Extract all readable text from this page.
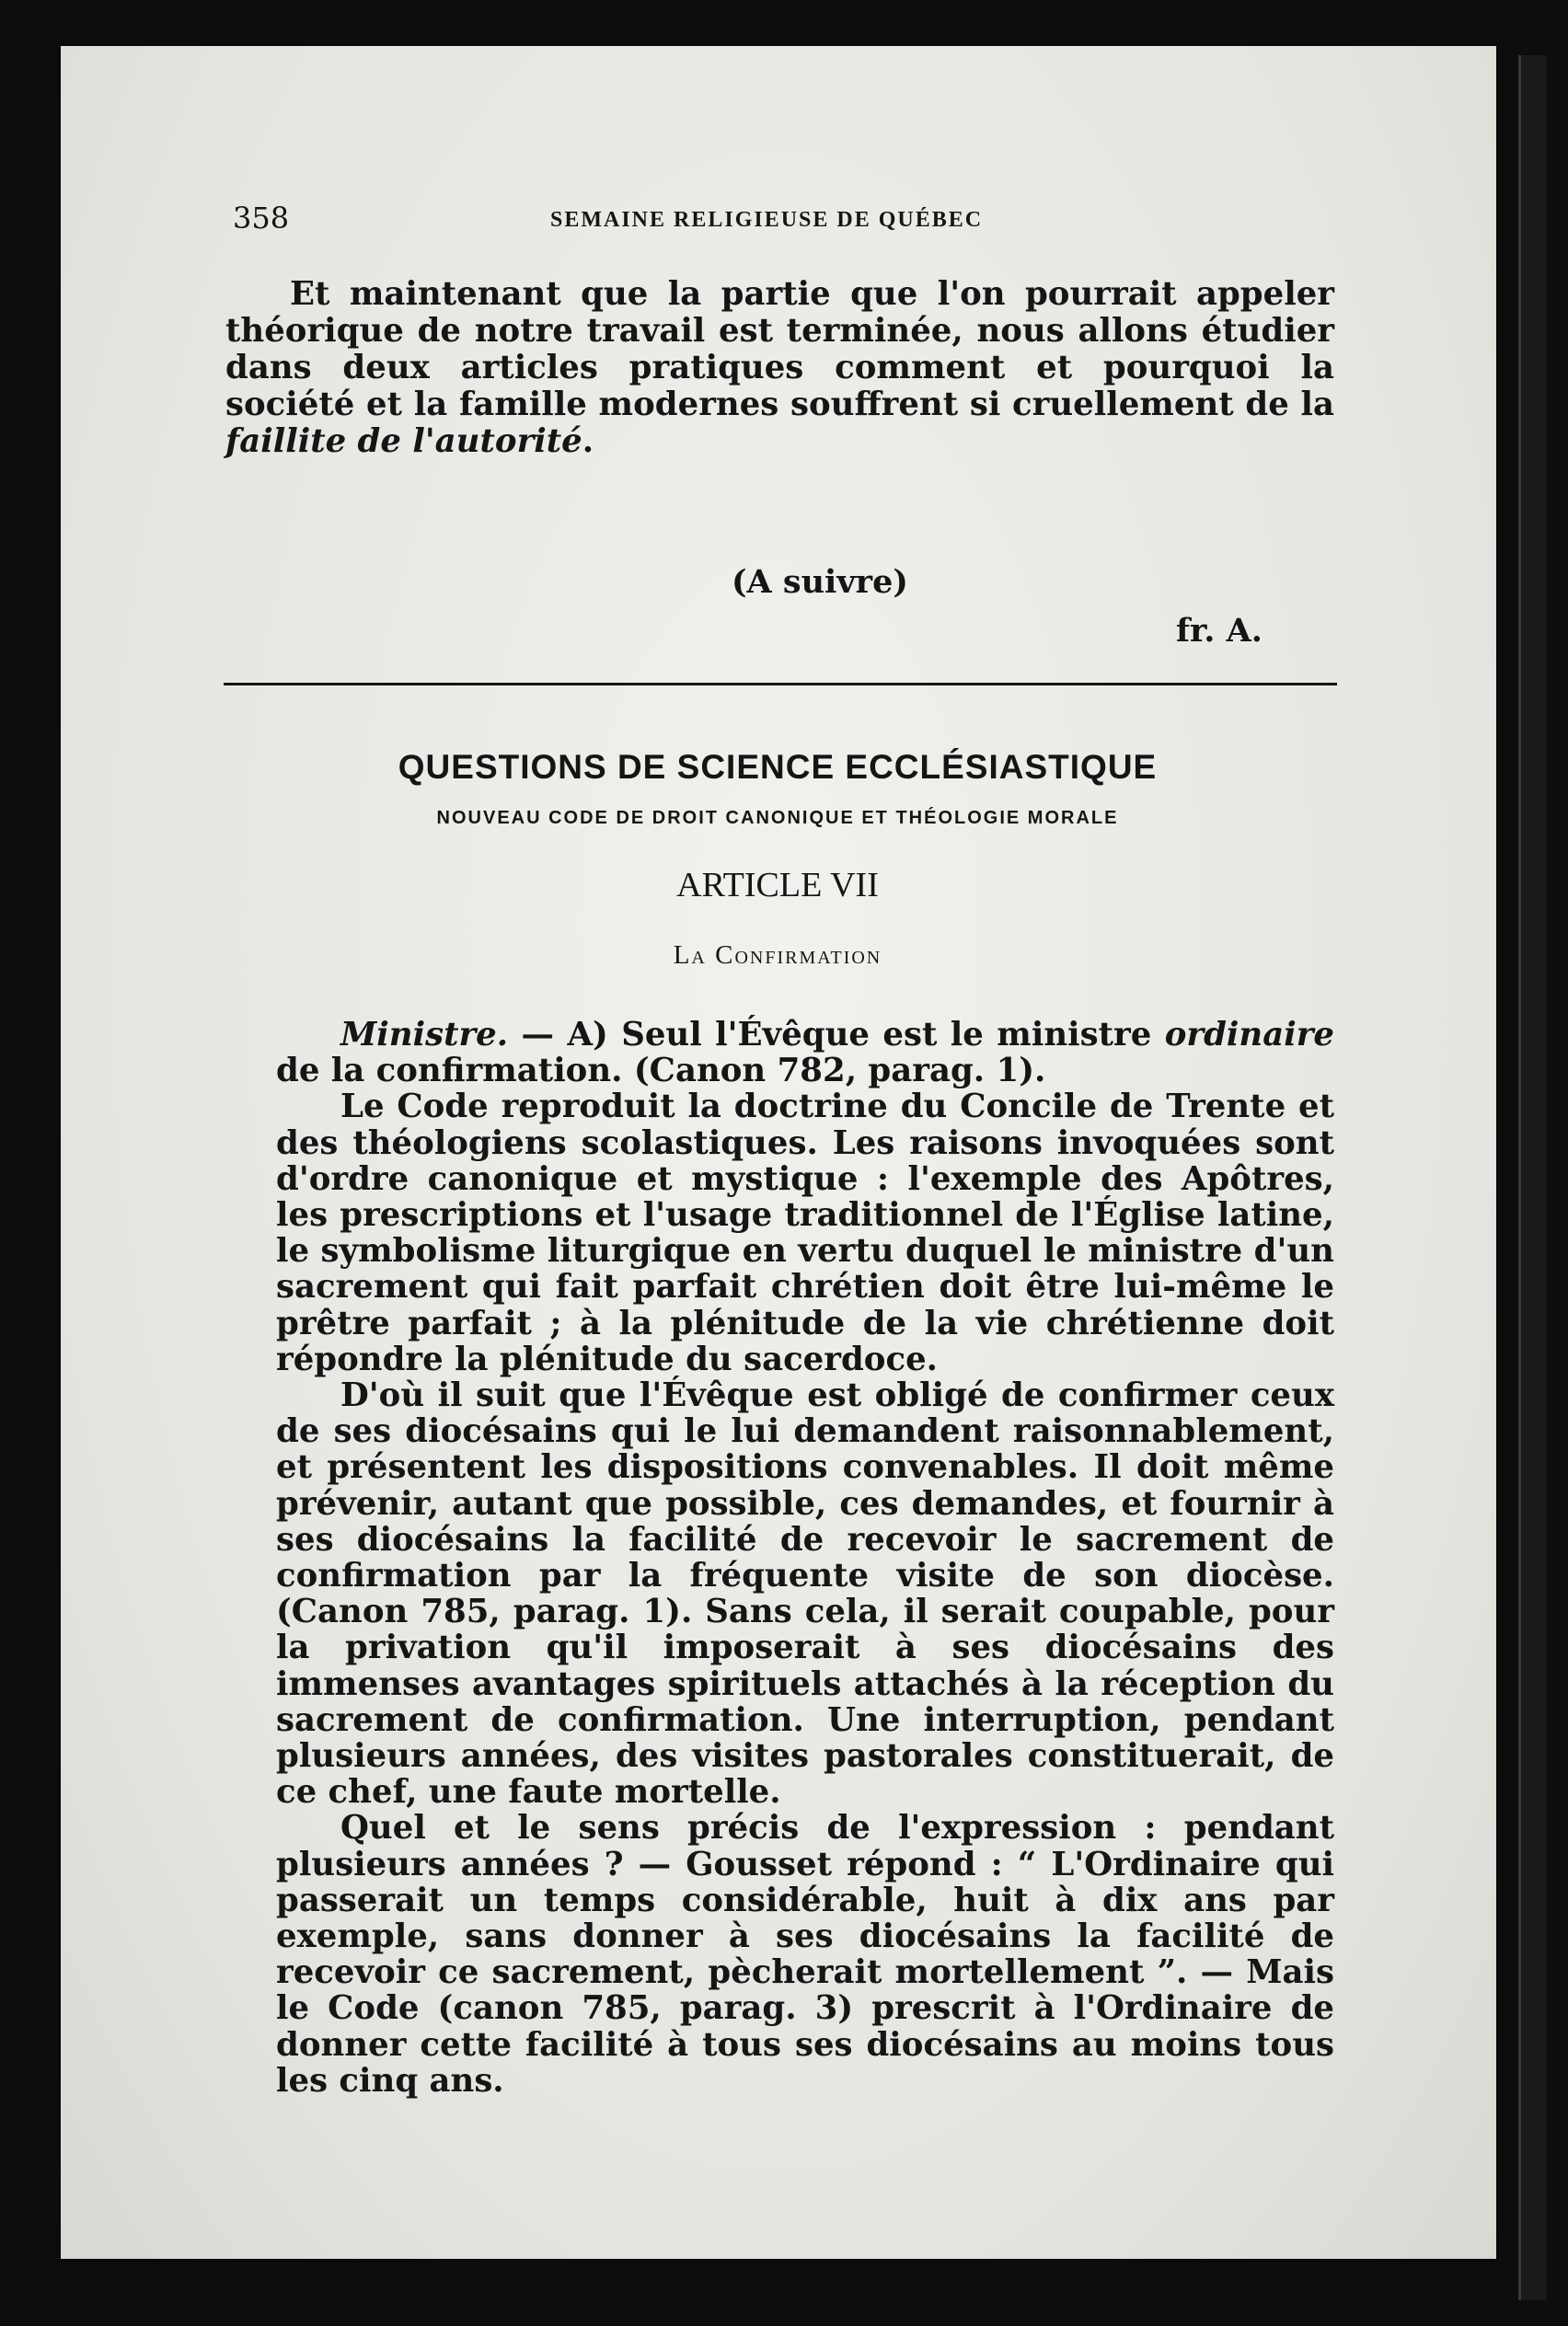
358	SEMAINE RELIGIEUSE DE QUÉBEC

Et maintenant que la partie que l'on pourrait appeler théorique de notre travail est terminée, nous allons étudier dans deux articles pratiques comment et pourquoi la société et la famille modernes souffrent si cruellement de la faillite de l'autorité.

(A suivre)
fr. A.
QUESTIONS DE SCIENCE ECCLÉSIASTIQUE
NOUVEAU CODE DE DROIT CANONIQUE ET THÉOLOGIE MORALE
ARTICLE VII
La Confirmation

Ministre. — A) Seul l'Évêque est le ministre ordinaire de la confirmation. (Canon 782, parag. 1).

Le Code reproduit la doctrine du Concile de Trente et des théologiens scolastiques. Les raisons invoquées sont d'ordre canonique et mystique : l'exemple des Apôtres, les prescriptions et l'usage traditionnel de l'Église latine, le symbolisme liturgique en vertu duquel le ministre d'un sacrement qui fait parfait chrétien doit être lui-même le prêtre parfait ; à la plénitude de la vie chrétienne doit répondre la plénitude du sacerdoce.

D'où il suit que l'Évêque est obligé de confirmer ceux de ses diocésains qui le lui demandent raisonnablement, et présentent les dispositions convenables. Il doit même prévenir, autant que possible, ces demandes, et fournir à ses diocésains la facilité de recevoir le sacrement de confirmation par la fréquente visite de son diocèse. (Canon 785, parag. 1). Sans cela, il serait coupable, pour la privation qu'il imposerait à ses diocésains des immenses avantages spirituels attachés à la réception du sacrement de confirmation. Une interruption, pendant plusieurs années, des visites pastorales constituerait, de ce chef, une faute mortelle.

Quel et le sens précis de l'expression : pendant plusieurs années ? — Gousset répond : “ L'Ordinaire qui passerait un temps considérable, huit à dix ans par exemple, sans donner à ses diocésains la facilité de recevoir ce sacrement, pècherait mortellement ”. — Mais le Code (canon 785, parag. 3) prescrit à l'Ordinaire de donner cette facilité à tous ses diocésains au moins tous les cinq ans.
